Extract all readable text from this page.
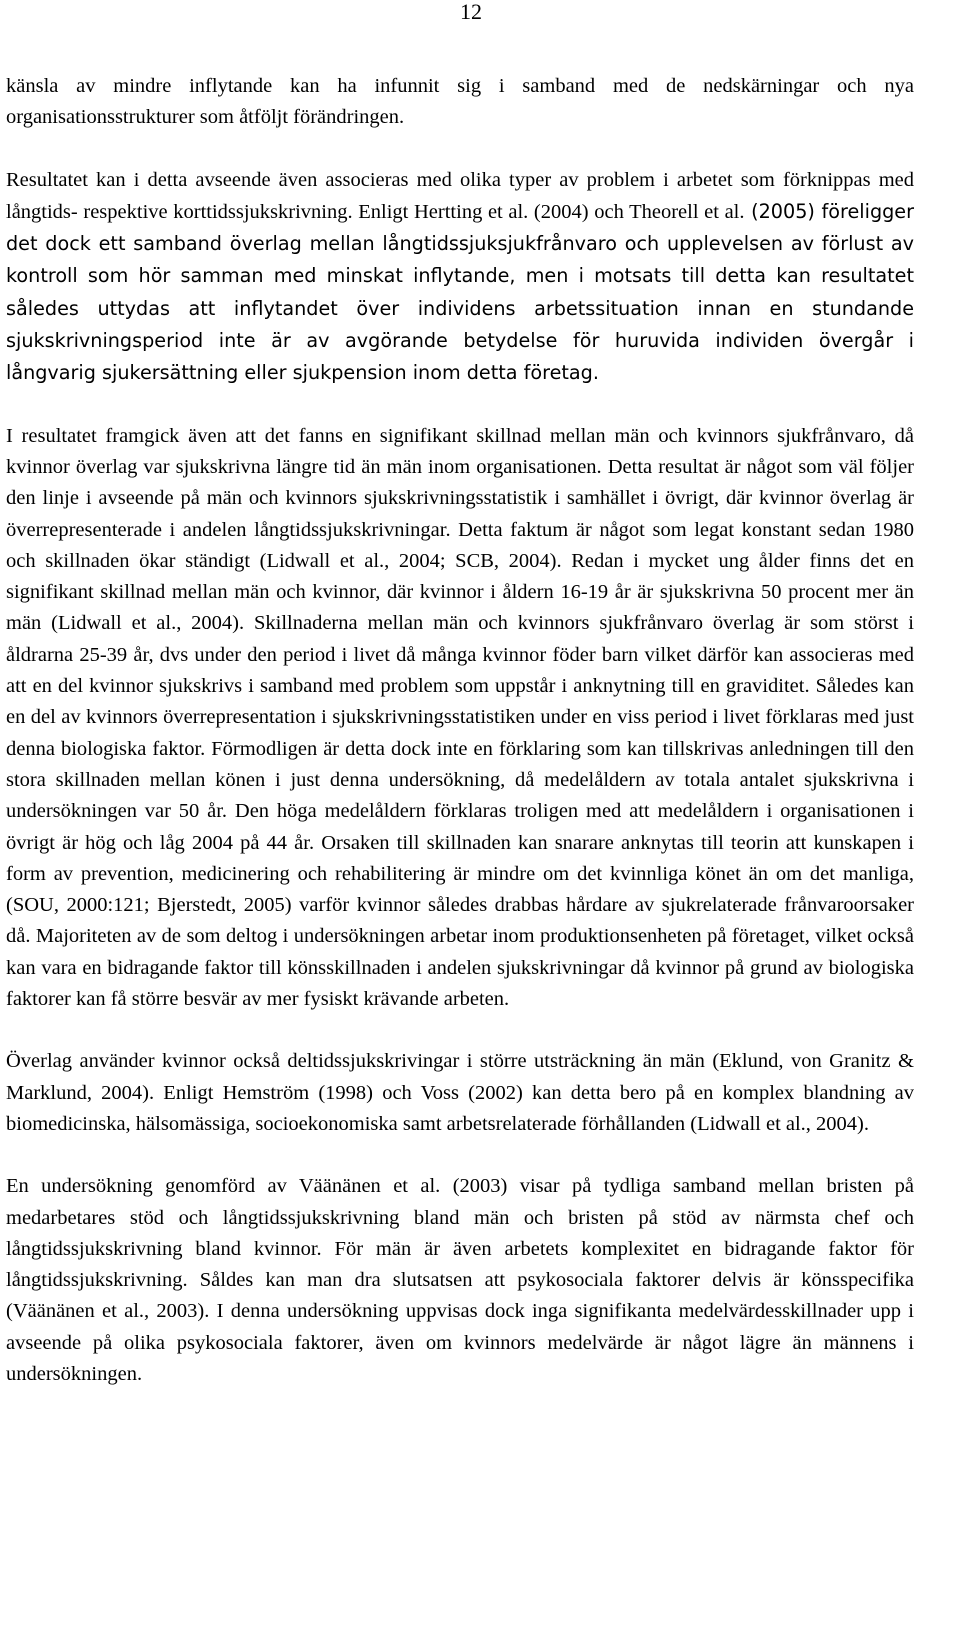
12

känsla av mindre inflytande kan ha infunnit sig i samband med de nedskärningar och nya organisationsstrukturer som åtföljt förändringen.

Resultatet kan i detta avseende även associeras med olika typer av problem i arbetet som förknippas med långtids- respektive korttidssjukskrivning. Enligt Hertting et al. (2004) och Theorell et al. (2005) föreligger det dock ett samband överlag mellan långtidssjuksjukfrånvaro och upplevelsen av förlust av kontroll som hör samman med minskat inflytande, men i motsats till detta kan resultatet således uttydas att inflytandet över individens arbetssituation innan en stundande sjukskrivningsperiod inte är av avgörande betydelse för huruvida individen övergår i långvarig sjukersättning eller sjukpension inom detta företag.

I resultatet framgick även att det fanns en signifikant skillnad mellan män och kvinnors sjukfrånvaro, då kvinnor överlag var sjukskrivna längre tid än män inom organisationen. Detta resultat är något som väl följer den linje i avseende på män och kvinnors sjukskrivningsstatistik i samhället i övrigt, där kvinnor överlag är överrepresenterade i andelen långtidssjukskrivningar. Detta faktum är något som legat konstant sedan 1980 och skillnaden ökar ständigt (Lidwall et al., 2004; SCB, 2004). Redan i mycket ung ålder finns det en signifikant skillnad mellan män och kvinnor, där kvinnor i åldern 16-19 år är sjukskrivna 50 procent mer än män (Lidwall et al., 2004). Skillnaderna mellan män och kvinnors sjukfrånvaro överlag är som störst i åldrarna 25-39 år, dvs under den period i livet då många kvinnor föder barn vilket därför kan associeras med att en del kvinnor sjukskrivs i samband med problem som uppstår i anknytning till en graviditet. Således kan en del av kvinnors överrepresentation i sjukskrivningsstatistiken under en viss period i livet förklaras med just denna biologiska faktor. Förmodligen är detta dock inte en förklaring som kan tillskrivas anledningen till den stora skillnaden mellan könen i just denna undersökning, då medelåldern av totala antalet sjukskrivna i undersökningen var 50 år. Den höga medelåldern förklaras troligen med att medelåldern i organisationen i övrigt är hög och låg 2004 på 44 år. Orsaken till skillnaden kan snarare anknytas till teorin att kunskapen i form av prevention, medicinering och rehabilitering är mindre om det kvinnliga könet än om det manliga, (SOU, 2000:121; Bjerstedt, 2005) varför kvinnor således drabbas hårdare av sjukrelaterade frånvaroorsaker då. Majoriteten av de som deltog i undersökningen arbetar inom produktionsenheten på företaget, vilket också kan vara en bidragande faktor till könsskillnaden i andelen sjukskrivningar då kvinnor på grund av biologiska faktorer kan få större besvär av mer fysiskt krävande arbeten.

Överlag använder kvinnor också deltidssjukskrivingar i större utsträckning än män (Eklund, von Granitz & Marklund, 2004). Enligt Hemström (1998) och Voss (2002) kan detta bero på en komplex blandning av biomedicinska, hälsomässiga, socioekonomiska samt arbetsrelaterade förhållanden (Lidwall et al., 2004).

En undersökning genomförd av Väänänen et al. (2003) visar på tydliga samband mellan bristen på medarbetares stöd och långtidssjukskrivning bland män och bristen på stöd av närmsta chef och långtidssjukskrivning bland kvinnor. För män är även arbetets komplexitet en bidragande faktor för långtidssjukskrivning. Såldes kan man dra slutsatsen att psykosociala faktorer delvis är könsspecifika (Väänänen et al., 2003). I denna undersökning uppvisas dock inga signifikanta medelvärdesskillnader upp i avseende på olika psykosociala faktorer, även om kvinnors medelvärde är något lägre än männens i undersökningen.
